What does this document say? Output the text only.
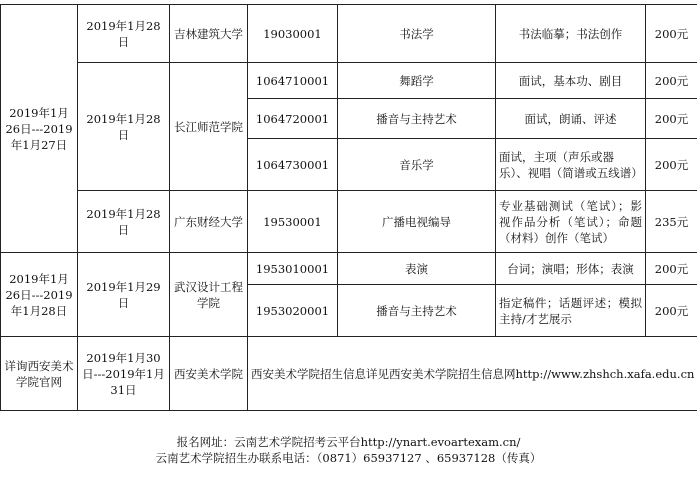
2019年1月26日---2019年1月27日	2019年1月28日	吉林建筑大学	19030001	书法学	书法临摹；书法创作	200元
	2019年1月28日	长江师范学院	1064710001	舞蹈学	面试，基本功、剧目	200元
			1064720001	播音与主持艺术	面试，朗诵、评述	200元
			1064730001	音乐学	面试，主项（声乐或器乐）、视唱（简谱或五线谱）	200元
	2019年1月28日	广东财经大学	19530001	广播电视编导	专业基础测试（笔试）；影视作品分析（笔试）；命题（材料）创作（笔试）	235元

2019年1月26日---2019年1月28日	2019年1月29日	武汉设计工程学院	1953010001	表演	台词；演唱；形体；表演	200元
			1953020001	播音与主持艺术	指定稿件；话题评述；模拟主持/才艺展示	200元
详询西安美术学院官网	2019年1月30日---2019年1月31日	西安美术学院	西安美术学院招生信息详见西安美术学院招生信息网http://www.zhshch.xafa.edu.cn			
报名网址：云南艺术学院招考云平台http://ynart.evoartexam.cn/
云南艺术学院招生办联系电话：（0871）65937127 、65937128（传真）
